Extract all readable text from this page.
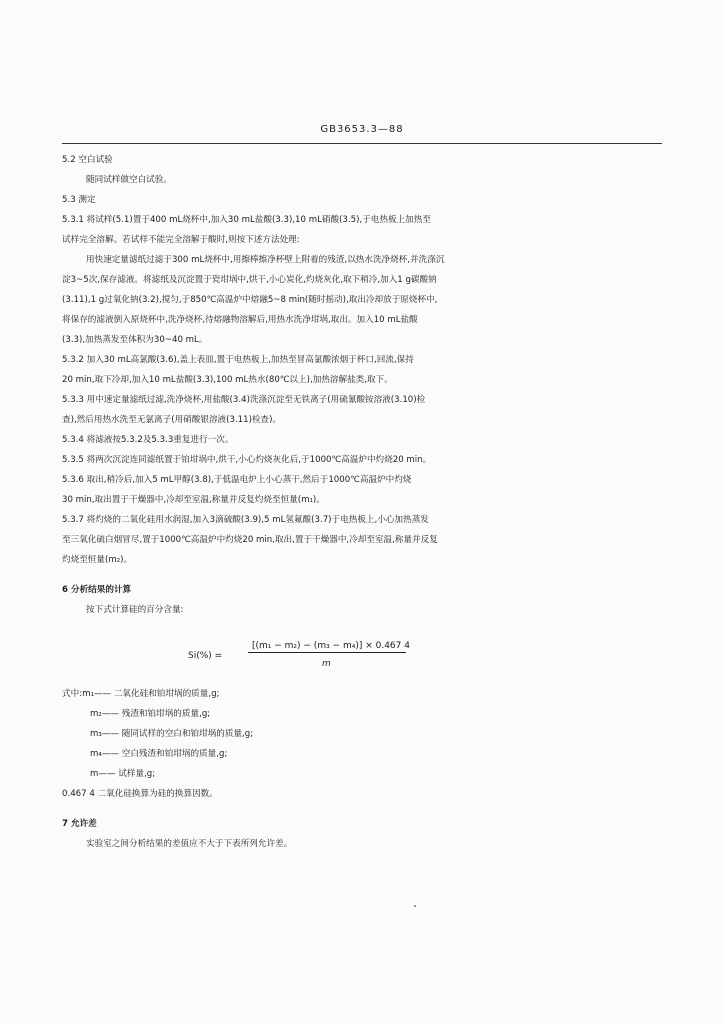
GB3653.3—88
5.2 空白试验
随同试样做空白试验。
5.3 测定
5.3.1 将试样(5.1)置于400 mL烧杯中,加入30 mL盐酸(3.3),10 mL硝酸(3.5),于电热板上加热至
试样完全溶解。若试样不能完全溶解于酸时,则按下述方法处理:
用快速定量滤纸过滤于300 mL烧杯中,用擦棒擦净杯壁上附着的残渣,以热水洗净烧杯,并洗涤沉
淀3~5次,保存滤液。将滤纸及沉淀置于瓷坩埚中,烘干,小心炭化,灼烧灰化,取下稍冷,加入1 g碳酸钠
(3.11),1 g过氧化钠(3.2),搅匀,于850℃高温炉中熔融5~8 min(随时摇动),取出冷却放于原烧杯中,
将保存的滤液倒入原烧杯中,洗净烧杯,待熔融物溶解后,用热水洗净坩埚,取出。加入10 mL盐酸
(3.3),加热蒸发至体积为30~40 mL。
5.3.2 加入30 mL高氯酸(3.6),盖上表皿,置于电热板上,加热至冒高氯酸浓烟于杯口,回流,保持
20 min,取下冷却,加入10 mL盐酸(3.3),100 mL热水(80℃以上),加热溶解盐类,取下。
5.3.3 用中速定量滤纸过滤,洗净烧杯,用盐酸(3.4)洗涤沉淀至无铁离子(用硫氰酸铵溶液(3.10)检
查),然后用热水洗至无氯离子(用硝酸银溶液(3.11)检查)。
5.3.4 将滤液按5.3.2及5.3.3重复进行一次。
5.3.5 将两次沉淀连同滤纸置于铂坩埚中,烘干,小心灼烧灰化后,于1000℃高温炉中灼烧20 min。
5.3.6 取出,稍冷后,加入5 mL甲醇(3.8),于低温电炉上小心蒸干,然后于1000℃高温炉中灼烧
30 min,取出置于干燥器中,冷却至室温,称量并反复灼烧至恒量(m₁)。
5.3.7 将灼烧的二氧化硅用水润湿,加入3滴硫酸(3.9),5 mL氢氟酸(3.7)于电热板上,小心加热蒸发
至三氧化硫白烟冒尽,置于1000℃高温炉中灼烧20 min,取出,置于干燥器中,冷却至室温,称量并反复
灼烧至恒量(m₂)。
6 分析结果的计算
按下式计算硅的百分含量:
Si(%) =
[(m₁ − m₂) − (m₃ − m₄)] × 0.467 4
m
式中:m₁—— 二氧化硅和铂坩埚的质量,g;
m₂—— 残渣和铂坩埚的质量,g;
m₃—— 随同试样的空白和铂坩埚的质量,g;
m₄—— 空白残渣和铂坩埚的质量,g;
m—— 试样量,g;
0.467 4 二氧化硅换算为硅的换算因数。
7 允许差
实验室之间分析结果的差值应不大于下表所列允许差。
